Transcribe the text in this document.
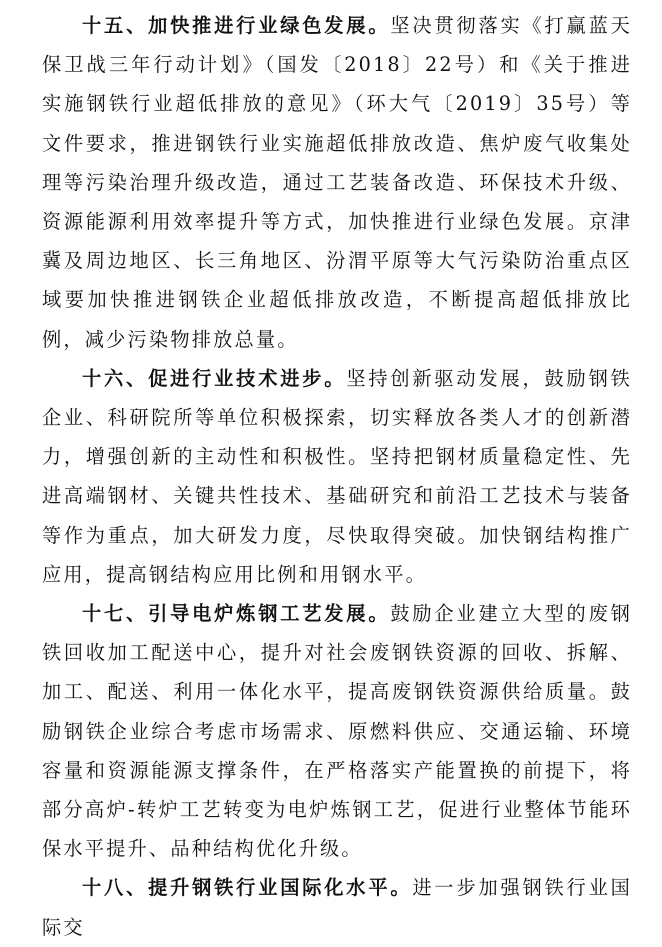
十五、加快推进行业绿色发展。坚决贯彻落实《打赢蓝天保卫战三年行动计划》（国发〔2018〕22号）和《关于推进实施钢铁行业超低排放的意见》（环大气〔2019〕35号）等文件要求，推进钢铁行业实施超低排放改造、焦炉废气收集处理等污染治理升级改造，通过工艺装备改造、环保技术升级、资源能源利用效率提升等方式，加快推进行业绿色发展。京津冀及周边地区、长三角地区、汾渭平原等大气污染防治重点区域要加快推进钢铁企业超低排放改造，不断提高超低排放比例，减少污染物排放总量。

十六、促进行业技术进步。坚持创新驱动发展，鼓励钢铁企业、科研院所等单位积极探索，切实释放各类人才的创新潜力，增强创新的主动性和积极性。坚持把钢材质量稳定性、先进高端钢材、关键共性技术、基础研究和前沿工艺技术与装备等作为重点，加大研发力度，尽快取得突破。加快钢结构推广应用，提高钢结构应用比例和用钢水平。

十七、引导电炉炼钢工艺发展。鼓励企业建立大型的废钢铁回收加工配送中心，提升对社会废钢铁资源的回收、拆解、加工、配送、利用一体化水平，提高废钢铁资源供给质量。鼓励钢铁企业综合考虑市场需求、原燃料供应、交通运输、环境容量和资源能源支撑条件，在严格落实产能置换的前提下，将部分高炉-转炉工艺转变为电炉炼钢工艺，促进行业整体节能环保水平提升、品种结构优化升级。

十八、提升钢铁行业国际化水平。进一步加强钢铁行业国际交
